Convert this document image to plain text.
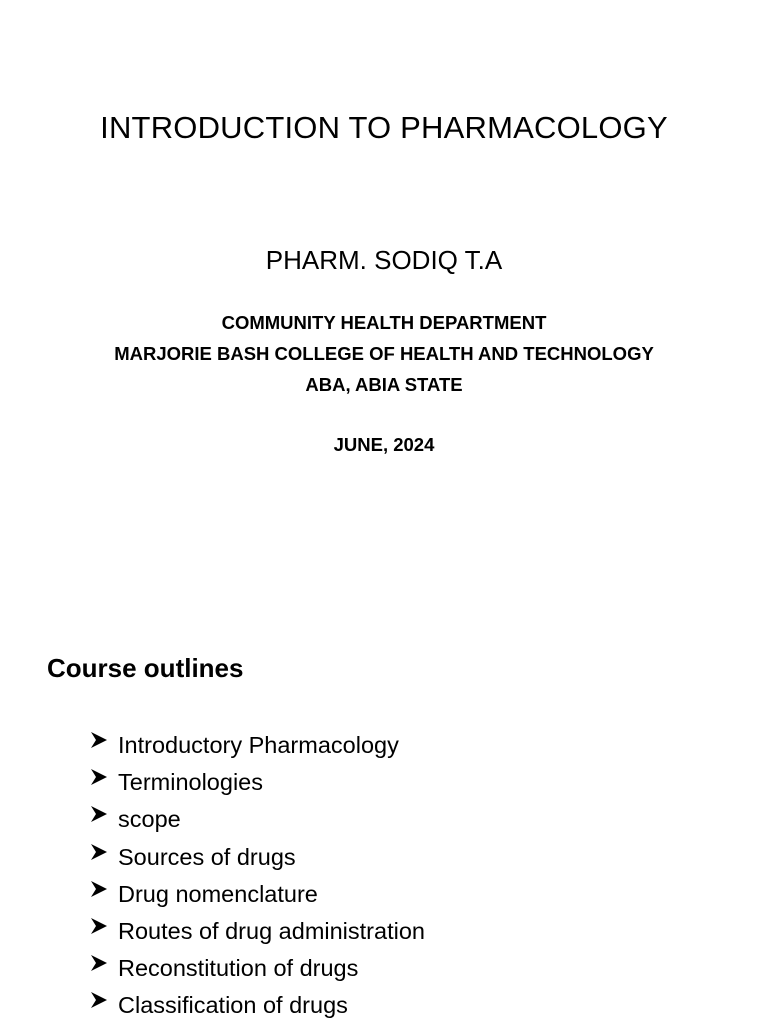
INTRODUCTION TO PHARMACOLOGY
PHARM. SODIQ T.A
COMMUNITY HEALTH DEPARTMENT
MARJORIE BASH COLLEGE OF HEALTH AND TECHNOLOGY
ABA, ABIA STATE
JUNE, 2024
Course outlines
Introductory Pharmacology
Terminologies
scope
Sources of drugs
Drug nomenclature
Routes of drug administration
Reconstitution of drugs
Classification of drugs
